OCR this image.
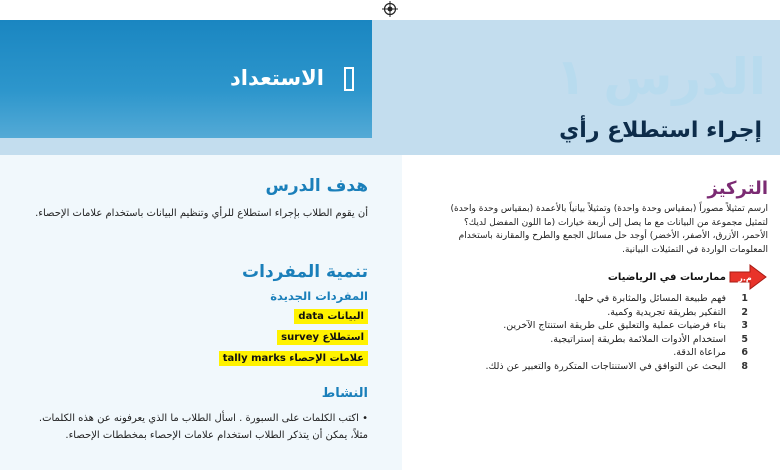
الاستعداد	الدرس ١
إجراء استطلاع رأي
هدف الدرس
أن يقوم الطلاب بإجراء استطلاع للرأي وتنظيم البيانات باستخدام علامات الإحصاء.
تنمية المفردات
المفردات الجديدة
البيانات data
استطلاع survey
علامات الإحصاء tally marks
النشاط
• اكتب الكلمات على السبورة . اسأل الطلاب ما الذي يعرفونه عن هذه الكلمات. مثلاً، يمكن أن يتذكر الطلاب استخدام علامات الإحصاء بمخططات الإحصاء.
التركيز
ارسم تمثيلاً مصوراً (بمقياس وحدة واحدة) وتمثيلاً بيانياً بالأعمدة (بمقياس وحدة واحدة) لتمثيل مجموعة من البيانات مع ما يصل إلى أربعة خيارات (ما اللون المفضل لديك؟ الأحمر، الأزرق، الأصفر، الأخضر) أوجد حل مسائل الجمع والطرح والمقارنة باستخدام المعلومات الواردة في التمثيلات البيانية.
م.ر
ممارسات في الرياضيات
1
فهم طبيعة المسائل والمثابرة في حلها.
2
التفكير بطريقة تجريدية وكمية.
3
بناء فرضيات عملية والتعليق على طريقة استنتاج الآخرين.
5
استخدام الأدوات الملائمة بطريقة إستراتيجية.
6
مراعاة الدقة.
8
البحث عن التوافق في الاستنتاجات المتكررة والتعبير عن ذلك.
